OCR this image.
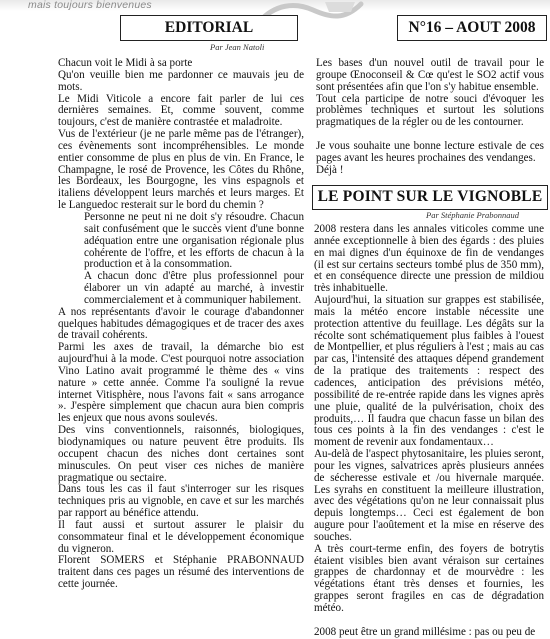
mais toujours bienvenues
EDITORIAL
Par Jean Natoli
N°16 – AOUT 2008

Chacun voit le Midi à sa porte

Qu'on veuille bien me pardonner ce mauvais jeu de mots.

Le Midi Viticole a encore fait parler de lui ces dernières semaines. Et, comme souvent, comme toujours, c'est de manière contrastée et maladroite.

Vus de l'extérieur (je ne parle même pas de l'étranger), ces évènements sont incompréhensibles. Le monde entier consomme de plus en plus de vin. En France, le Champagne, le rosé de Provence, les Côtes du Rhône, les Bordeaux, les Bourgogne, les vins espagnols et italiens développent leurs marchés et leurs marges. Et le Languedoc resterait sur le bord du chemin ?

Personne ne peut ni ne doit s'y résoudre. Chacun sait confusément que le succès vient d'une bonne adéquation entre une organisation régionale plus cohérente de l'offre, et les efforts de chacun à la production et à la consommation.

A chacun donc d'être plus professionnel pour élaborer un vin adapté au marché, à investir commercialement et à communiquer habilement.

A nos représentants d'avoir le courage d'abandonner quelques habitudes démagogiques et de tracer des axes de travail cohérents.

Parmi les axes de travail, la démarche bio est aujourd'hui à la mode. C'est pourquoi notre association Vino Latino avait programmé le thème des « vins nature » cette année. Comme l'a souligné la revue internet Vitisphère, nous l'avons fait « sans arrogance ». J'espère simplement que chacun aura bien compris les enjeux que nous avons soulevés.

Des vins conventionnels, raisonnés, biologiques, biodynamiques ou nature peuvent être produits. Ils occupent chacun des niches dont certaines sont minuscules. On peut viser ces niches de manière pragmatique ou sectaire.

Dans tous les cas il faut s'interroger sur les risques techniques pris au vignoble, en cave et sur les marchés par rapport au bénéfice attendu.

Il faut aussi et surtout assurer le plaisir du consommateur final et le développement économique du vigneron.

Florent SOMERS et Stéphanie PRABONNAUD traitent dans ces pages un résumé des interventions de cette journée.

Les bases d'un nouvel outil de travail pour le groupe Œnoconseil & Cœ qu'est le SO2 actif vous sont présentées afin que l'on s'y habitue ensemble.

Tout cela participe de notre souci d'évoquer les problèmes techniques et surtout les solutions pragmatiques de la régler ou de les contourner.

Je vous souhaite une bonne lecture estivale de ces pages avant les heures prochaines des vendanges.

Déjà !

LE POINT SUR LE VIGNOBLE
Par Stéphanie Prabonnaud

2008 restera dans les annales viticoles comme une année exceptionnelle à bien des égards : des pluies en mai dignes d'un équinoxe de fin de vendanges (il est sur certains secteurs tombé plus de 350 mm), et en conséquence directe une pression de mildiou très inhabituelle.

Aujourd'hui, la situation sur grappes est stabilisée, mais la météo encore instable nécessite une protection attentive du feuillage. Les dégâts sur la récolte sont schématiquement plus faibles à l'ouest de Montpellier, et plus réguliers à l'est ; mais au cas par cas, l'intensité des attaques dépend grandement de la pratique des traitements : respect des cadences, anticipation des prévisions météo, possibilité de re-entrée rapide dans les vignes après une pluie, qualité de la pulvérisation, choix des produits,… Il faudra que chacun fasse un bilan des tous ces points à la fin des vendanges : c'est le moment de revenir aux fondamentaux…

Au-delà de l'aspect phytosanitaire, les pluies seront, pour les vignes, salvatrices après plusieurs années de sécheresse estivale et /ou hivernale marquée. Les syrahs en constituent la meilleure illustration, avec des végétations qu'on ne leur connaissait plus depuis longtemps… Ceci est également de bon augure pour l'aoûtement et la mise en réserve des souches.

A très court-terme enfin, des foyers de botrytis étaient visibles bien avant véraison sur certaines grappes de chardonnay et de mourvèdre : les végétations étant très denses et fournies, les grappes seront fragiles en cas de dégradation météo.

2008 peut être un grand millésime : pas ou peu de
